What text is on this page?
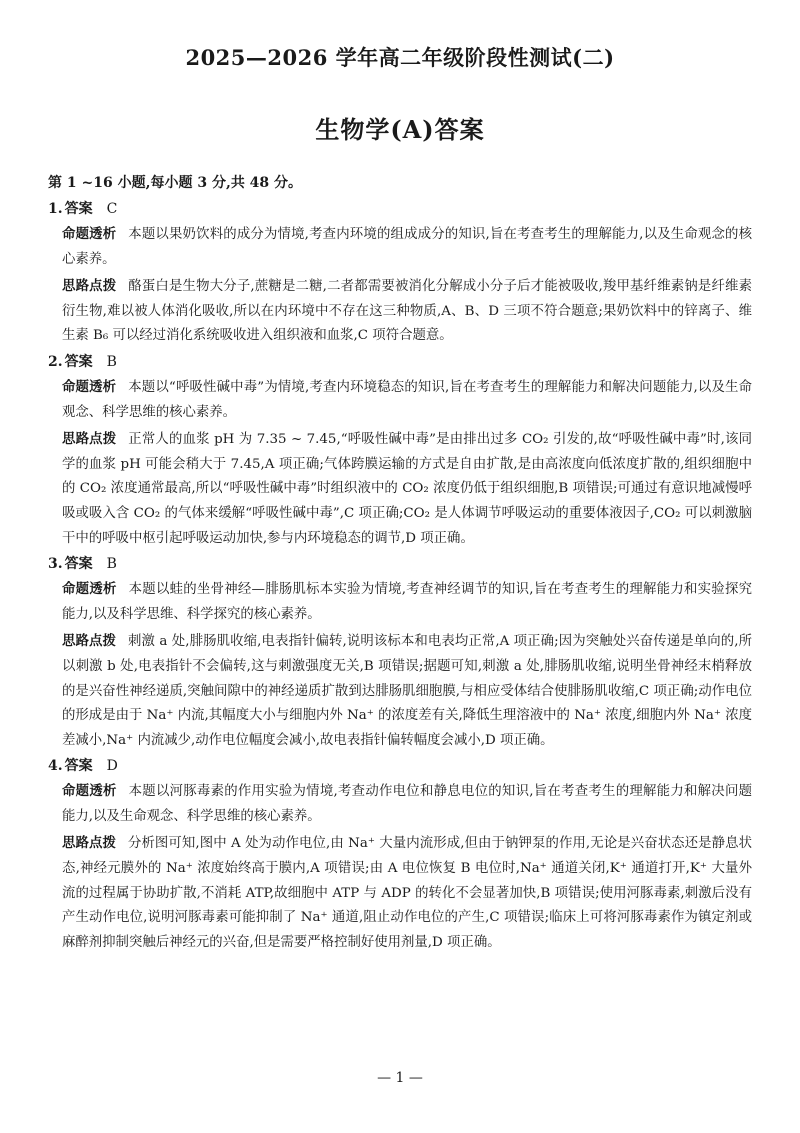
2025—2026 学年高二年级阶段性测试(二)
生物学(A)答案
第 1 ~16 小题,每小题 3 分,共 48 分。
1. 答案 C

命题透析 本题以果奶饮料的成分为情境,考查内环境的组成成分的知识,旨在考查考生的理解能力,以及生命观念的核心素养。

思路点拨 酪蛋白是生物大分子,蔗糖是二糖,二者都需要被消化分解成小分子后才能被吸收,羧甲基纤维素钠是纤维素衍生物,难以被人体消化吸收,所以在内环境中不存在这三种物质,A、B、D 三项不符合题意;果奶饮料中的锌离子、维生素 B₆ 可以经过消化系统吸收进入组织液和血浆,C 项符合题意。

2. 答案 B

命题透析 本题以“呼吸性碱中毒”为情境,考查内环境稳态的知识,旨在考查考生的理解能力和解决问题能力,以及生命观念、科学思维的核心素养。

思路点拨 正常人的血浆 pH 为 7.35 ~ 7.45,“呼吸性碱中毒”是由排出过多 CO₂ 引发的,故“呼吸性碱中毒”时,该同学的血浆 pH 可能会稍大于 7.45,A 项正确;气体跨膜运输的方式是自由扩散,是由高浓度向低浓度扩散的,组织细胞中的 CO₂ 浓度通常最高,所以“呼吸性碱中毒”时组织液中的 CO₂ 浓度仍低于组织细胞,B 项错误;可通过有意识地减慢呼吸或吸入含 CO₂ 的气体来缓解“呼吸性碱中毒”,C 项正确;CO₂ 是人体调节呼吸运动的重要体液因子,CO₂ 可以刺激脑干中的呼吸中枢引起呼吸运动加快,参与内环境稳态的调节,D 项正确。

3. 答案 B

命题透析 本题以蛙的坐骨神经—腓肠肌标本实验为情境,考查神经调节的知识,旨在考查考生的理解能力和实验探究能力,以及科学思维、科学探究的核心素养。

思路点拨 刺激 a 处,腓肠肌收缩,电表指针偏转,说明该标本和电表均正常,A 项正确;因为突触处兴奋传递是单向的,所以刺激 b 处,电表指针不会偏转,这与刺激强度无关,B 项错误;据题可知,刺激 a 处,腓肠肌收缩,说明坐骨神经末梢释放的是兴奋性神经递质,突触间隙中的神经递质扩散到达腓肠肌细胞膜,与相应受体结合使腓肠肌收缩,C 项正确;动作电位的形成是由于 Na⁺ 内流,其幅度大小与细胞内外 Na⁺ 的浓度差有关,降低生理溶液中的 Na⁺ 浓度,细胞内外 Na⁺ 浓度差减小,Na⁺ 内流减少,动作电位幅度会减小,故电表指针偏转幅度会减小,D 项正确。

4. 答案 D

命题透析 本题以河豚毒素的作用实验为情境,考查动作电位和静息电位的知识,旨在考查考生的理解能力和解决问题能力,以及生命观念、科学思维的核心素养。

思路点拨 分析图可知,图中 A 处为动作电位,由 Na⁺ 大量内流形成,但由于钠钾泵的作用,无论是兴奋状态还是静息状态,神经元膜外的 Na⁺ 浓度始终高于膜内,A 项错误;由 A 电位恢复 B 电位时,Na⁺ 通道关闭,K⁺ 通道打开,K⁺ 大量外流的过程属于协助扩散,不消耗 ATP,故细胞中 ATP 与 ADP 的转化不会显著加快,B 项错误;使用河豚毒素,刺激后没有产生动作电位,说明河豚毒素可能抑制了 Na⁺ 通道,阻止动作电位的产生,C 项错误;临床上可将河豚毒素作为镇定剂或麻醉剂抑制突触后神经元的兴奋,但是需要严格控制好使用剂量,D 项正确。

— 1 —
